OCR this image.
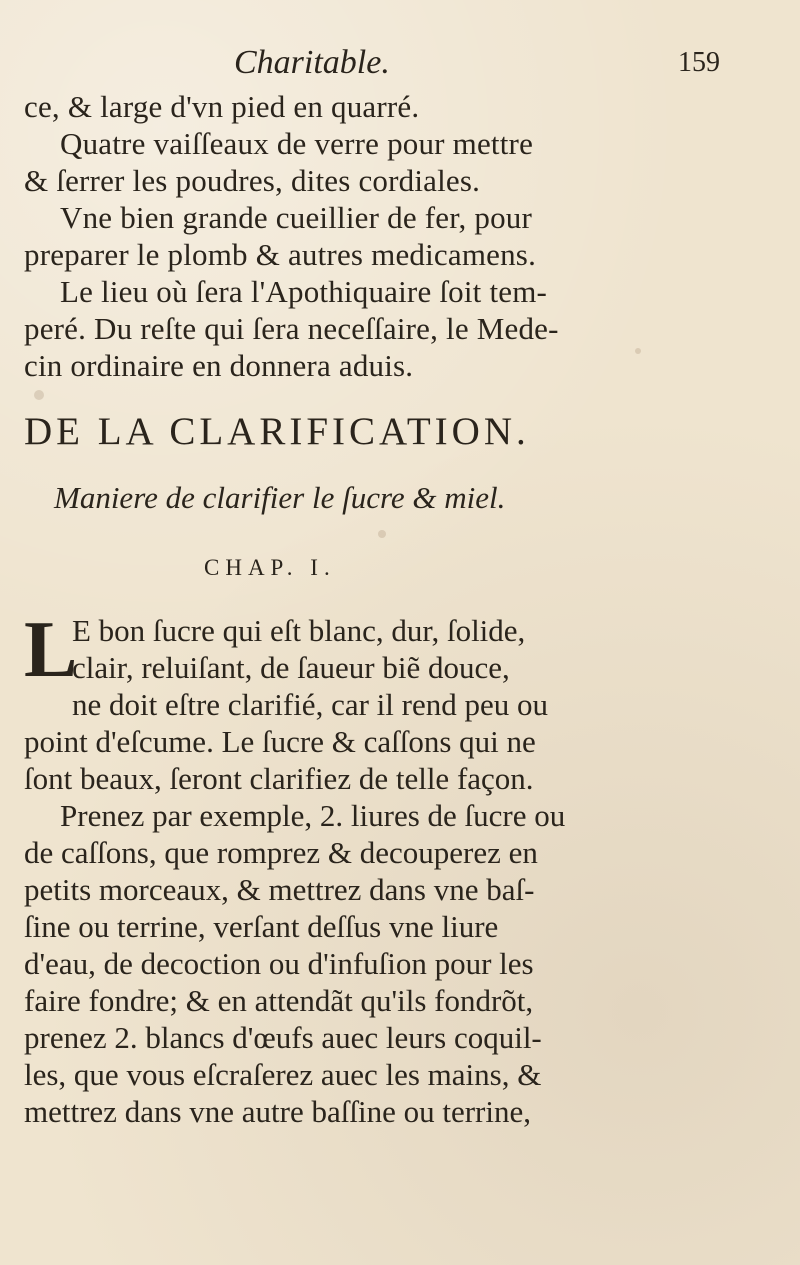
Charitable.	159

ce, & large d'vn pied en quarré.
Quatre vaiſſeaux de verre pour mettre
& ſerrer les poudres, dites cordiales.
Vne bien grande cueillier de fer, pour
preparer le plomb & autres medicamens.
Le lieu où ſera l'Apothiquaire ſoit tem-
peré. Du reſte qui ſera neceſſaire, le Mede-
cin ordinaire en donnera aduis.

DE LA CLARIFICATION.
Maniere de clarifier le ſucre & miel.
CHAP. I.
L

E bon ſucre qui eſt blanc, dur, ſolide,
clair, reluiſant, de ſaueur biẽ douce,
ne doit eſtre clarifié, car il rend peu ou
point d'eſcume. Le ſucre & caſſons qui ne
ſont beaux, ſeront clarifiez de telle façon.
Prenez par exemple, 2. liures de ſucre ou
de caſſons, que romprez & decouperez en
petits morceaux, & mettrez dans vne baſ-
ſine ou terrine, verſant deſſus vne liure
d'eau, de decoction ou d'infuſion pour les
faire fondre; & en attendãt qu'ils fondrõt,
prenez 2. blancs d'œufs auec leurs coquil-
les, que vous eſcraſerez auec les mains, &
mettrez dans vne autre baſſine ou terrine,
